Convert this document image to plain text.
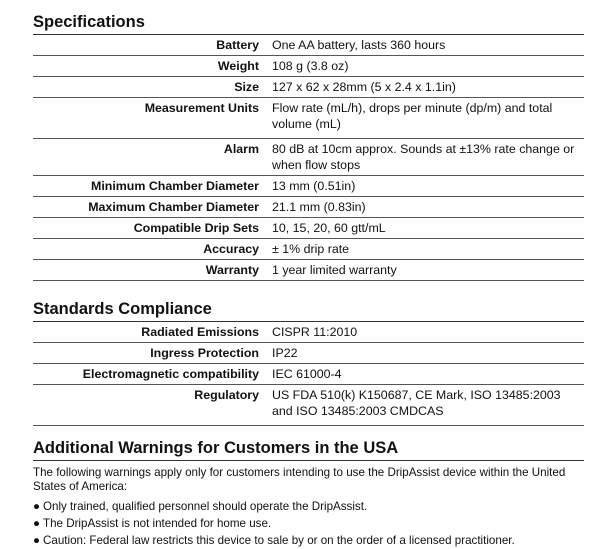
Specifications
Battery	One AA battery, lasts 360 hours
Weight	108 g (3.8 oz)
Size	127 x 62 x 28mm (5 x 2.4 x 1.1in)
Measurement Units	Flow rate (mL/h), drops per minute (dp/m) and total volume (mL)
Alarm	80 dB at 10cm approx. Sounds at ±13% rate change or when flow stops
Minimum Chamber Diameter	13 mm (0.51in)
Maximum Chamber Diameter	21.1 mm (0.83in)
Compatible Drip Sets	10, 15, 20, 60 gtt/mL
Accuracy	± 1% drip rate
Warranty	1 year limited warranty
Standards Compliance
Radiated Emissions	CISPR 11:2010
Ingress Protection	IP22
Electromagnetic compatibility	IEC 61000-4
Regulatory	US FDA 510(k) K150687, CE Mark, ISO 13485:2003 and ISO 13485:2003 CMDCAS
Additional Warnings for Customers in the USA

The following warnings apply only for customers intending to use the DripAssist device within the United States of America:

● Only trained, qualified personnel should operate the DripAssist.
● The DripAssist is not intended for home use.
● Caution: Federal law restricts this device to sale by or on the order of a licensed practitioner.
